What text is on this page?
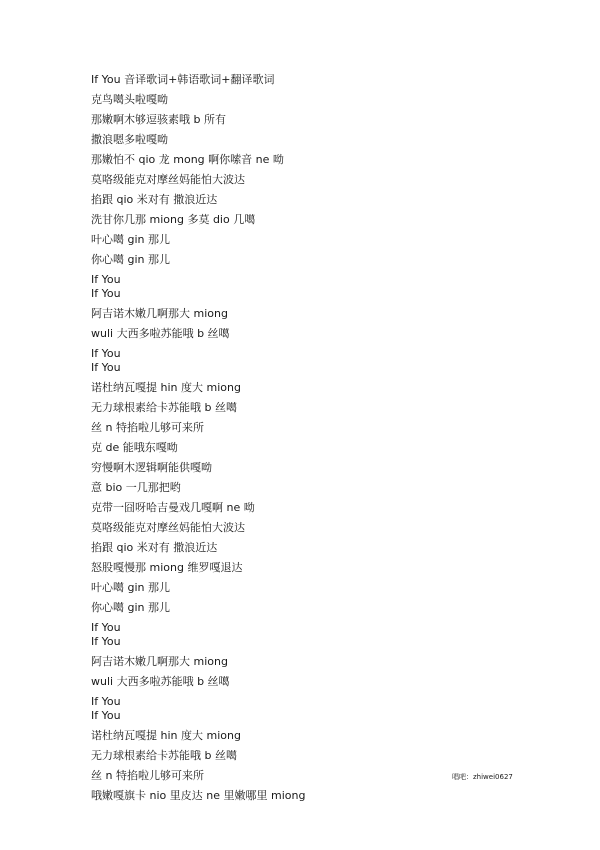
If You 音译歌词+韩语歌词+翻译歌词
克鸟噶头啦嘎呦
那嫩啊木够逗骇素哦 b 所有
撒浪嗯多啦嘎呦
那嫩怕不 qio 龙 mong 啊你嗦音 ne 呦
莫咯级能克对摩丝妈能怕大波达
掐跟 qio 米对有 撒浪近达
洗甘你几那 miong 多莫 dio 几噶
叶心噶 gin 那儿
你心噶 gin 那儿
If You
If You
阿吉诺木嫩几啊那大 miong
wuli 大西多啦苏能哦 b 丝噶
If You
If You
诺杜纳瓦嘎提 hin 度大 miong
无力球根素给卡苏能哦 b 丝噶
丝 n 特掐啦儿够可来所
克 de 能哦东嘎呦
穷慢啊木逻辑啊能供嘎呦
意 bio 一几那把哟
克带一囧呀哈吉曼戏几嘎啊 ne 呦
莫咯级能克对摩丝妈能怕大波达
掐跟 qio 米对有 撒浪近达
怒股嘎慢那 miong 维罗嘎退达
叶心噶 gin 那儿
你心噶 gin 那儿
If You
If You
阿吉诺木嫩几啊那大 miong
wuli 大西多啦苏能哦 b 丝噶
If You
If You
诺杜纳瓦嘎提 hin 度大 miong
无力球根素给卡苏能哦 b 丝噶
丝 n 特掐啦儿够可来所
哦嫩嘎旗卡 nio 里皮达 ne 里嫩哪里 miong
唱吧：zhiwei0627
